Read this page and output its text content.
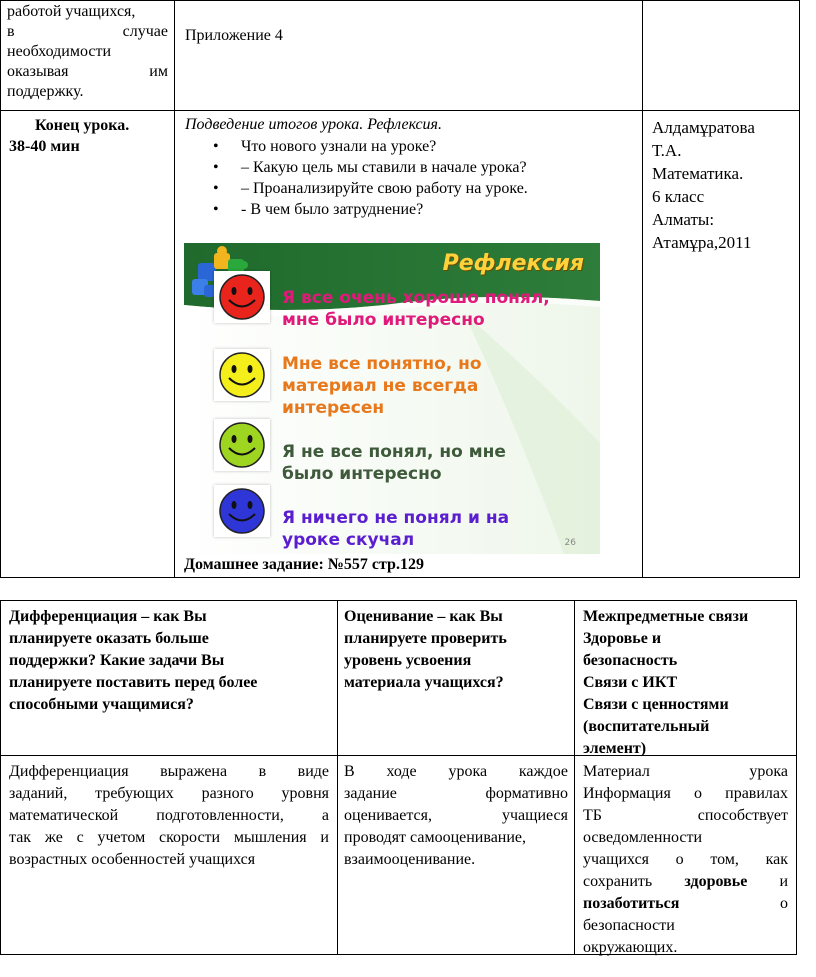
работой учащихся,
в случае
необходимости
оказывая им
поддержку.
Приложение 4
Конец урока.
38-40 мин
Подведение итогов урока. Рефлексия.
• Что нового узнали на уроке?
• – Какую цель мы ставили в начале урока?
• – Проанализируйте свою работу на уроке.
• - В чем было затруднение?
Алдамұратова
Т.А.
Математика.
6 класс
Алматы:
Атамұра,2011
Рефлексия
26
Я все очень хорошо понял,
мне было интересно
Мне все понятно, но
материал не всегда
интересен
Я не все понял, но мне
было интересно
Я ничего не понял и на
уроке скучал
Домашнее задание: №557 стр.129
Дифференциация – как Вы
планируете оказать больше
поддержки? Какие задачи Вы
планируете поставить перед более
способными учащимися?
Оценивание – как Вы
планируете проверить
уровень усвоения
материала учащихся?
Межпредметные связи
Здоровье и
безопасность
Связи с ИКТ
Связи с ценностями
(воспитательный
элемент)
Дифференциация выражена в виде
заданий, требующих разного уровня
математической подготовленности, а
так же с учетом скорости мышления и
возрастных особенностей учащихся
В ходе урока каждое
задание формативно
оценивается, учащиеся
проводят самооценивание,
взаимооценивание.
Материал урока
Информация о правилах
ТБ способствует
осведомленности
учащихся о том, как
сохранить здоровье и
позаботиться	о
безопасности
окружающих.
